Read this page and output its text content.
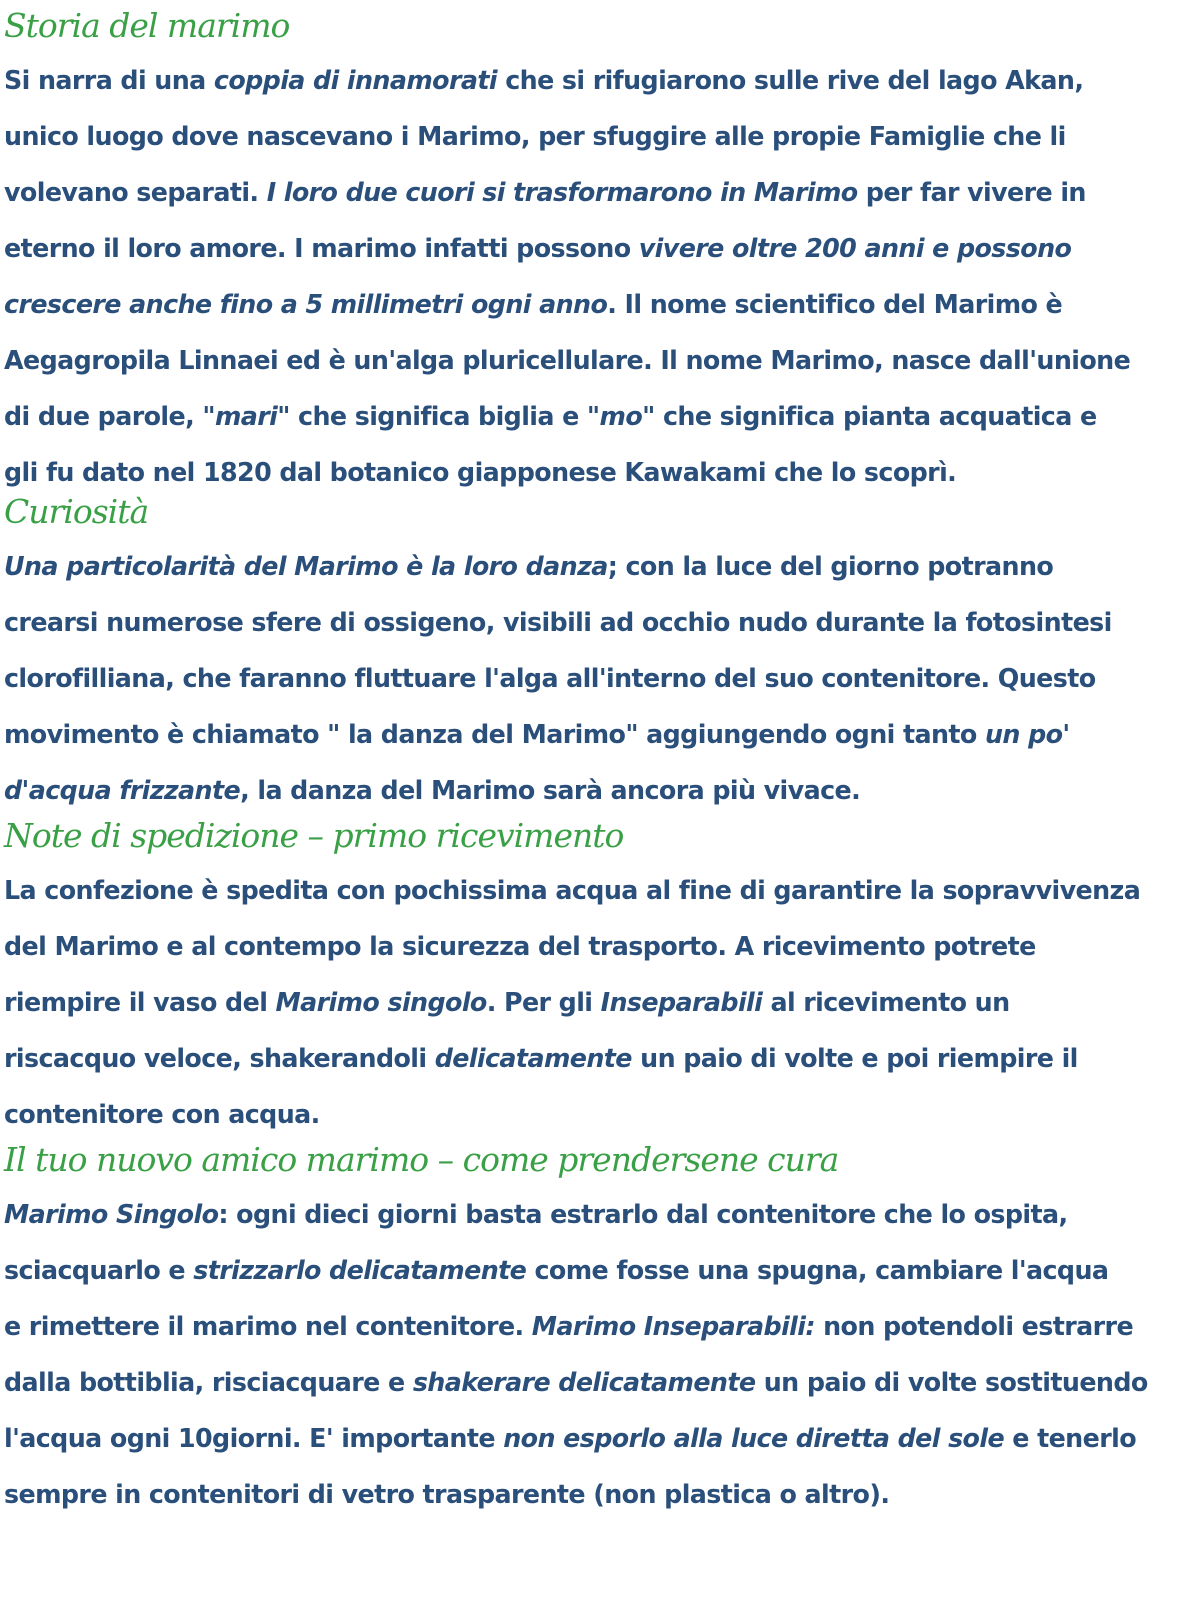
Storia del marimo

Si narra di una coppia di innamorati che si rifugiarono sulle rive del lago Akan,
unico luogo dove nascevano i Marimo, per sfuggire alle propie Famiglie che li
volevano separati. I loro due cuori si trasformarono in Marimo per far vivere in
eterno il loro amore. I marimo infatti possono vivere oltre 200 anni e possono
crescere anche fino a 5 millimetri ogni anno. Il nome scientifico del Marimo è
Aegagropila Linnaei ed è un'alga pluricellulare. Il nome Marimo, nasce dall'unione
di due parole, "mari" che significa biglia e "mo" che significa pianta acquatica e
gli fu dato nel 1820 dal botanico giapponese Kawakami che lo scoprì.

Curiosità

Una particolarità del Marimo è la loro danza; con la luce del giorno potranno
crearsi numerose sfere di ossigeno, visibili ad occhio nudo durante la fotosintesi
clorofilliana, che faranno fluttuare l'alga all'interno del suo contenitore. Questo
movimento è chiamato " la danza del Marimo" aggiungendo ogni tanto un po'
d'acqua frizzante, la danza del Marimo sarà ancora più vivace.

Note di spedizione – primo ricevimento

La confezione è spedita con pochissima acqua al fine di garantire la sopravvivenza
del Marimo e al contempo la sicurezza del trasporto. A ricevimento potrete
riempire il vaso del Marimo singolo. Per gli Inseparabili al ricevimento un
riscacquo veloce, shakerandoli delicatamente un paio di volte e poi riempire il
contenitore con acqua.

Il tuo nuovo amico marimo – come prendersene cura

Marimo Singolo: ogni dieci giorni basta estrarlo dal contenitore che lo ospita,
sciacquarlo e strizzarlo delicatamente come fosse una spugna, cambiare l'acqua
e rimettere il marimo nel contenitore. Marimo Inseparabili: non potendoli estrarre
dalla bottiblia, risciacquare e shakerare delicatamente un paio di volte sostituendo
l'acqua ogni 10giorni. E' importante non esporlo alla luce diretta del sole e tenerlo
sempre in contenitori di vetro trasparente (non plastica o altro).
